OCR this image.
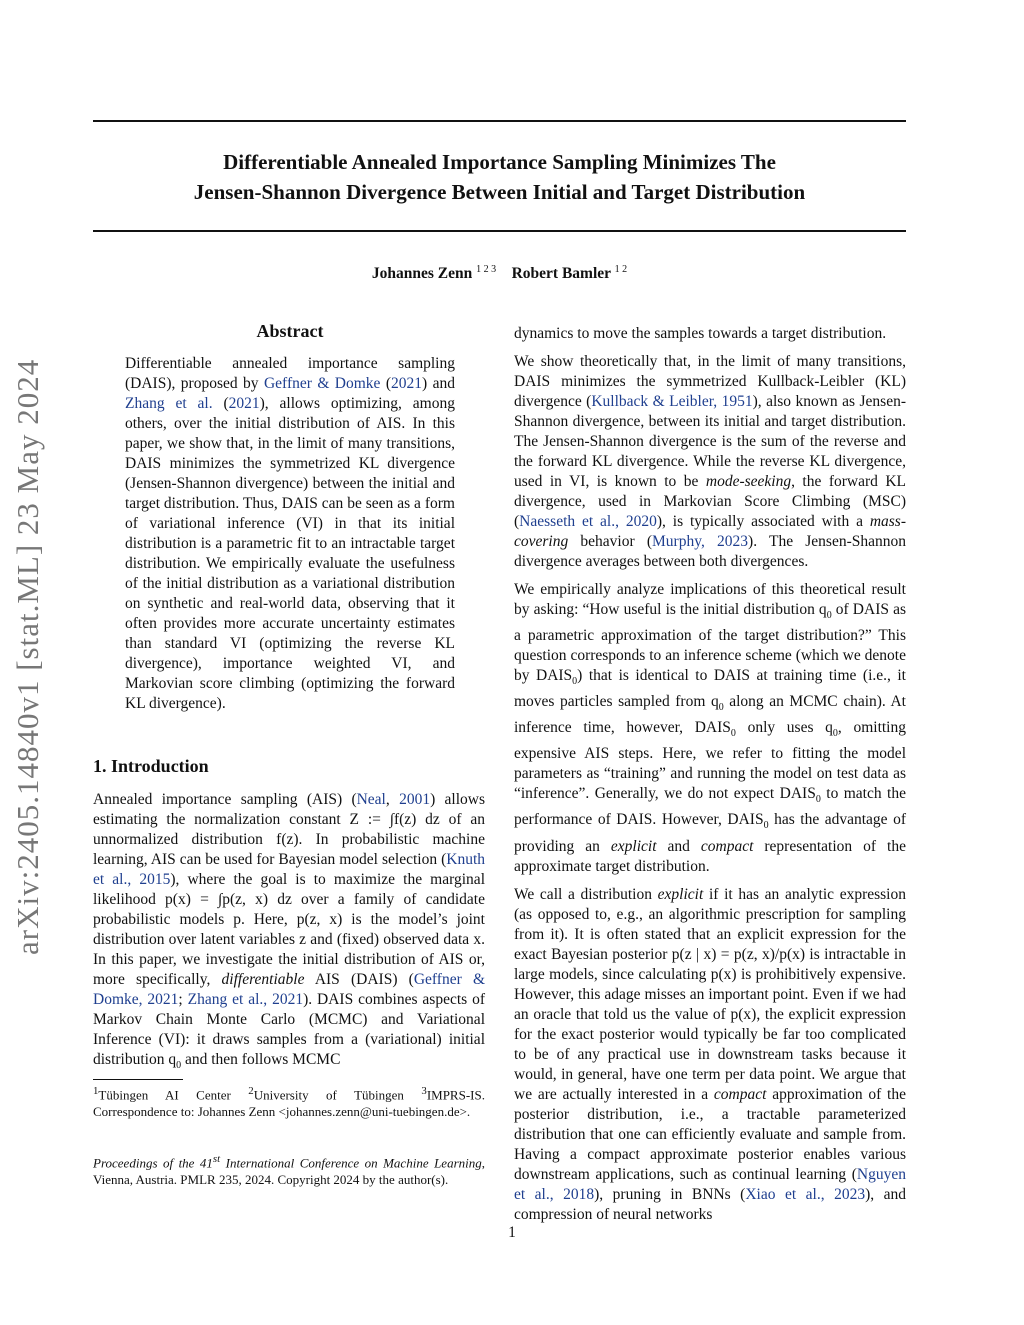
Differentiable Annealed Importance Sampling Minimizes The
Jensen-Shannon Divergence Between Initial and Target Distribution
Johannes Zenn $^{1 2 3}$ Robert Bamler $^{1 2}$
arXiv:2405.14840v1 [stat.ML] 23 May 2024
Abstract

Differentiable annealed importance sampling (DAIS), proposed by Geffner & Domke (2021) and Zhang et al. (2021), allows optimizing, among others, over the initial distribution of AIS. In this paper, we show that, in the limit of many transitions, DAIS minimizes the symmetrized KL divergence (Jensen-Shannon divergence) between the initial and target distribution. Thus, DAIS can be seen as a form of variational inference (VI) in that its initial distribution is a parametric fit to an intractable target distribution. We empirically evaluate the usefulness of the initial distribution as a variational distribution on synthetic and real-world data, observing that it often provides more accurate uncertainty estimates than standard VI (optimizing the reverse KL divergence), importance weighted VI, and Markovian score climbing (optimizing the forward KL divergence).

1. Introduction

Annealed importance sampling (AIS) (Neal, 2001) allows estimating the normalization constant Z := ∫f(z) dz of an unnormalized distribution f(z). In probabilistic machine learning, AIS can be used for Bayesian model selection (Knuth et al., 2015), where the goal is to maximize the marginal likelihood p(x) = ∫p(z, x) dz over a family of candidate probabilistic models p. Here, p(z, x) is the model’s joint distribution over latent variables z and (fixed) observed data x. In this paper, we investigate the initial distribution of AIS or, more specifically, differentiable AIS (DAIS) (Geffner & Domke, 2021; Zhang et al., 2021). DAIS combines aspects of Markov Chain Monte Carlo (MCMC) and Variational Inference (VI): it draws samples from a (variational) initial distribution $q_0$ and then follows MCMC

$^1$Tübingen AI Center $^2$University of Tübingen $^3$IMPRS-IS. Correspondence to: Johannes Zenn <johannes.zenn@uni-tuebingen.de>.
Proceedings of the 41st International Conference on Machine Learning, Vienna, Austria. PMLR 235, 2024. Copyright 2024 by the author(s).

dynamics to move the samples towards a target distribution.

We show theoretically that, in the limit of many transitions, DAIS minimizes the symmetrized Kullback-Leibler (KL) divergence (Kullback & Leibler, 1951), also known as Jensen-Shannon divergence, between its initial and target distribution. The Jensen-Shannon divergence is the sum of the reverse and the forward KL divergence. While the reverse KL divergence, used in VI, is known to be mode-seeking, the forward KL divergence, used in Markovian Score Climbing (MSC) (Naesseth et al., 2020), is typically associated with a mass-covering behavior (Murphy, 2023). The Jensen-Shannon divergence averages between both divergences.

We empirically analyze implications of this theoretical result by asking: “How useful is the initial distribution $q_0$ of DAIS as a parametric approximation of the target distribution?” This question corresponds to an inference scheme (which we denote by $DAIS_0$) that is identical to DAIS at training time (i.e., it moves particles sampled from $q_0$ along an MCMC chain). At inference time, however, $DAIS_0$ only uses $q_0$, omitting expensive AIS steps. Here, we refer to fitting the model parameters as “training” and running the model on test data as “inference”. Generally, we do not expect $DAIS_0$ to match the performance of DAIS. However, $DAIS_0$ has the advantage of providing an explicit and compact representation of the approximate target distribution.

We call a distribution explicit if it has an analytic expression (as opposed to, e.g., an algorithmic prescription for sampling from it). It is often stated that an explicit expression for the exact Bayesian posterior p(z | x) = p(z, x)/p(x) is intractable in large models, since calculating p(x) is prohibitively expensive. However, this adage misses an important point. Even if we had an oracle that told us the value of p(x), the explicit expression for the exact posterior would typically be far too complicated to be of any practical use in downstream tasks because it would, in general, have one term per data point. We argue that we are actually interested in a compact approximation of the posterior distribution, i.e., a tractable parameterized distribution that one can efficiently evaluate and sample from. Having a compact approximate posterior enables various downstream applications, such as continual learning (Nguyen et al., 2018), pruning in BNNs (Xiao et al., 2023), and compression of neural networks

1
